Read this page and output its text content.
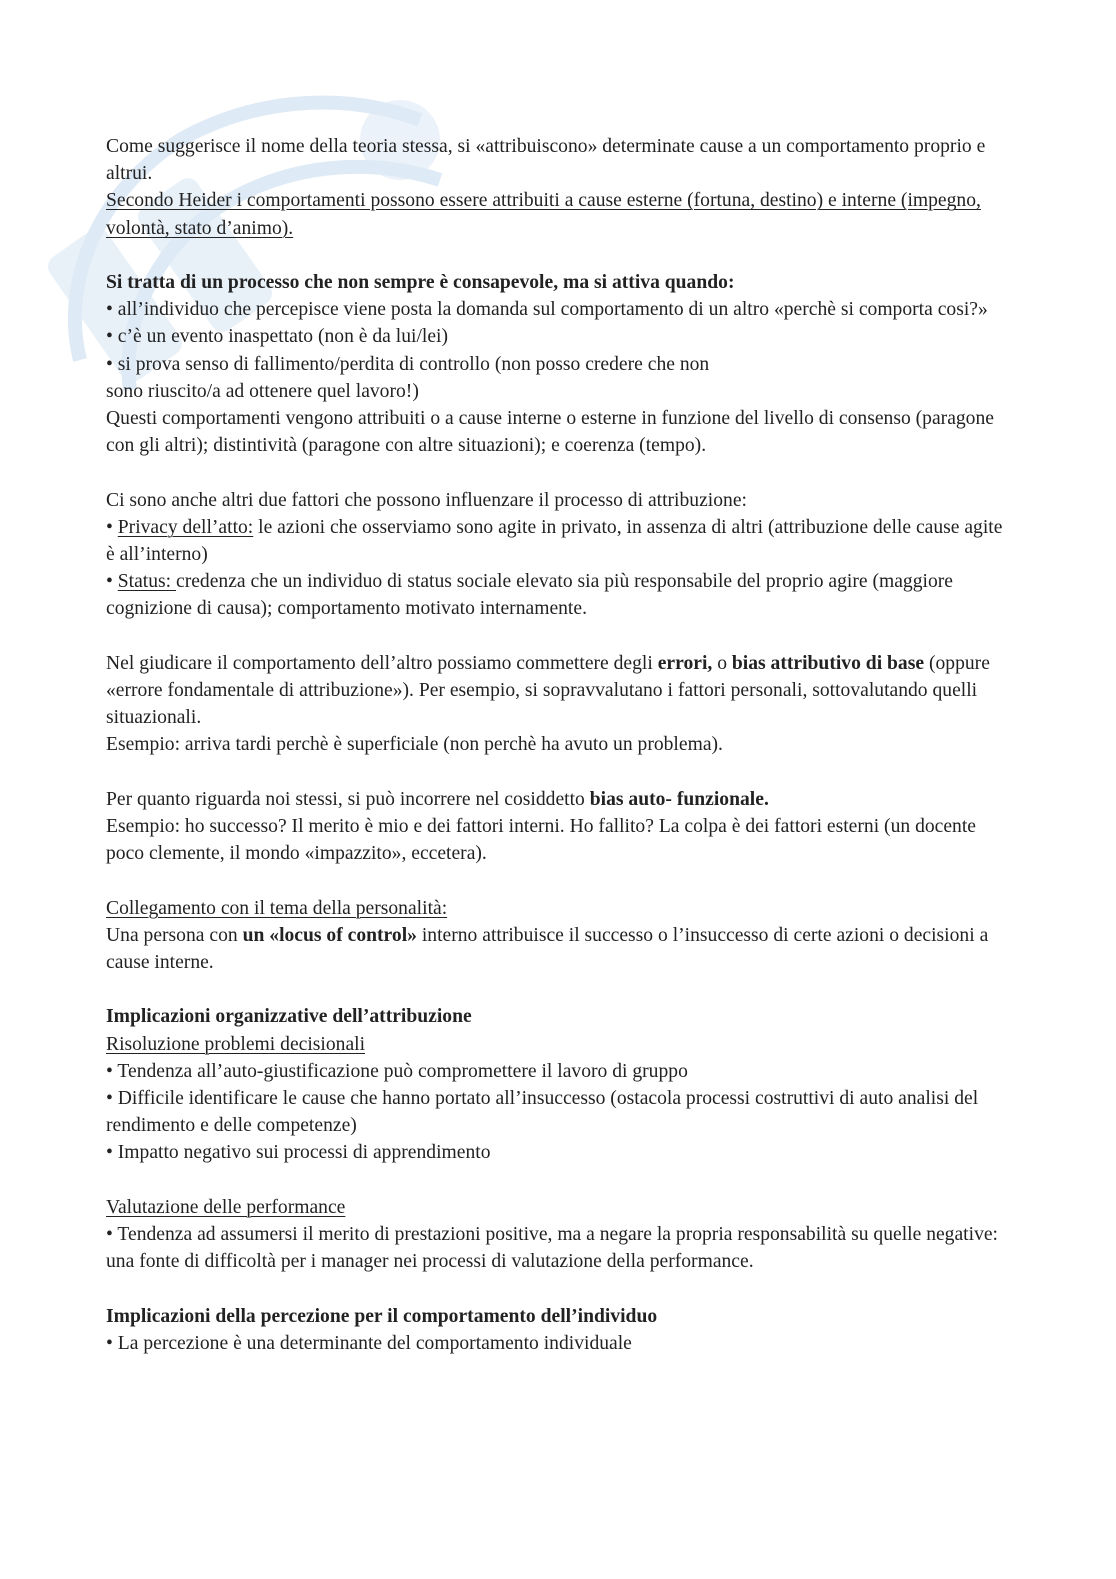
Come suggerisce il nome della teoria stessa, si «attribuiscono» determinate cause a un comportamento proprio e altrui.

Secondo Heider i comportamenti possono essere attribuiti a cause esterne (fortuna, destino) e interne (impegno, volontà, stato d’animo).

Si tratta di un processo che non sempre è consapevole, ma si attiva quando:

• all’individuo che percepisce viene posta la domanda sul comportamento di un altro «perchè si comporta cosi?»

• c’è un evento inaspettato (non è da lui/lei)

• si prova senso di fallimento/perdita di controllo (non posso credere che non

sono riuscito/a ad ottenere quel lavoro!)

Questi comportamenti vengono attribuiti o a cause interne o esterne in funzione del livello di consenso (paragone con gli altri); distintività (paragone con altre situazioni); e coerenza (tempo).

Ci sono anche altri due fattori che possono influenzare il processo di attribuzione:

• Privacy dell’atto: le azioni che osserviamo sono agite in privato, in assenza di altri (attribuzione delle cause agite è all’interno)

• Status: credenza che un individuo di status sociale elevato sia più responsabile del proprio agire (maggiore cognizione di causa); comportamento motivato internamente.

Nel giudicare il comportamento dell’altro possiamo commettere degli errori, o bias attributivo di base (oppure «errore fondamentale di attribuzione»). Per esempio, si sopravvalutano i fattori personali, sottovalutando quelli situazionali.

Esempio: arriva tardi perchè è superficiale (non perchè ha avuto un problema).

Per quanto riguarda noi stessi, si può incorrere nel cosiddetto bias auto- funzionale.

Esempio: ho successo? Il merito è mio e dei fattori interni. Ho fallito? La colpa è dei fattori esterni (un docente poco clemente, il mondo «impazzito», eccetera).

Collegamento con il tema della personalità:

Una persona con un «locus of control» interno attribuisce il successo o l’insuccesso di certe azioni o decisioni a cause interne.

Implicazioni organizzative dell’attribuzione

Risoluzione problemi decisionali

• Tendenza all’auto-giustificazione può compromettere il lavoro di gruppo

• Difficile identificare le cause che hanno portato all’insuccesso (ostacola processi costruttivi di auto analisi del rendimento e delle competenze)

• Impatto negativo sui processi di apprendimento

Valutazione delle performance

• Tendenza ad assumersi il merito di prestazioni positive, ma a negare la propria responsabilità su quelle negative: una fonte di difficoltà per i manager nei processi di valutazione della performance.

Implicazioni della percezione per il comportamento dell’individuo

• La percezione è una determinante del comportamento individuale
